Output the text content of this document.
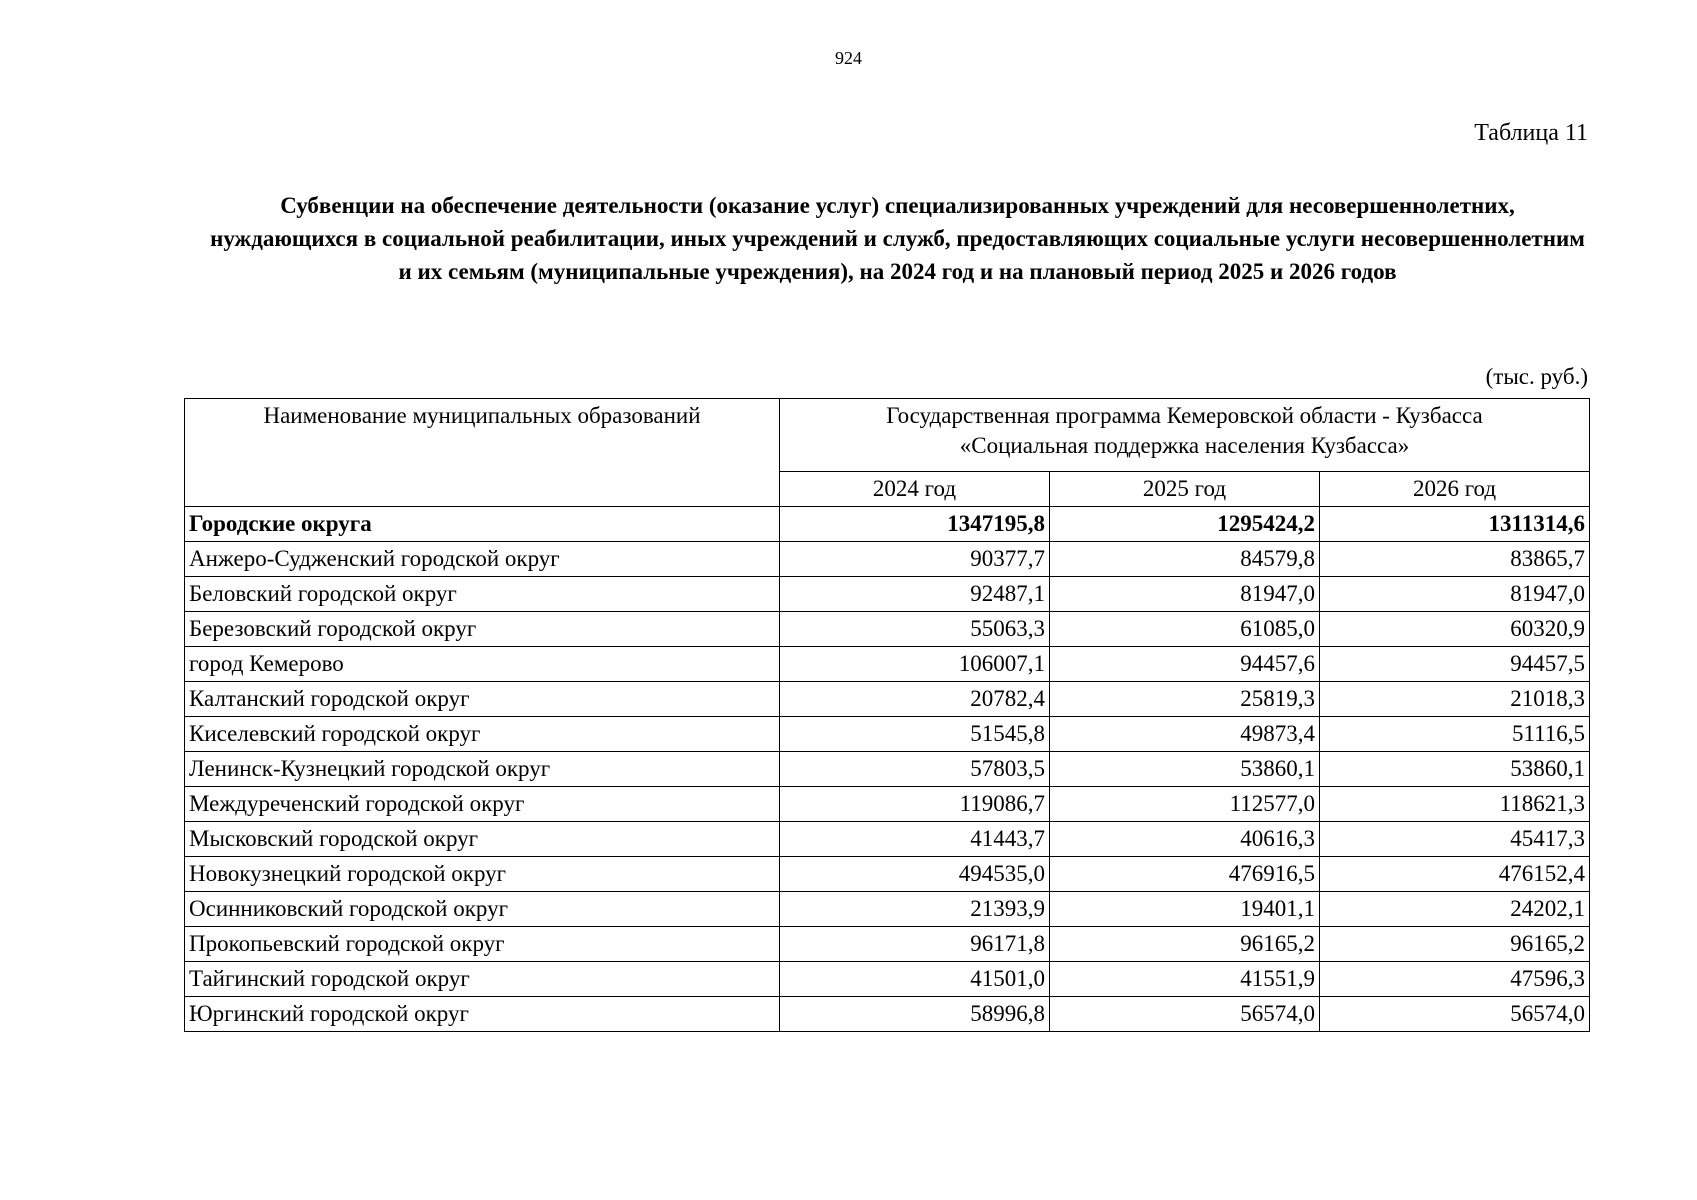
924
Таблица 11
Субвенции на обеспечение деятельности (оказание услуг) специализированных учреждений для несовершеннолетних, нуждающихся в социальной реабилитации, иных учреждений и служб, предоставляющих социальные услуги несовершеннолетним и их семьям (муниципальные учреждения), на 2024 год и на плановый период 2025 и 2026 годов
(тыс. руб.)
Наименование муниципальных образований	Государственная программа Кемеровской области - Кузбасса
«Социальная поддержка населения Кузбасса»		

	2024 год	2025 год	2026 год
Городские округа	1347195,8	1295424,2	1311314,6
Анжеро-Судженский городской округ	90377,7	84579,8	83865,7
Беловский городской округ	92487,1	81947,0	81947,0
Березовский городской округ	55063,3	61085,0	60320,9
город Кемерово	106007,1	94457,6	94457,5
Калтанский городской округ	20782,4	25819,3	21018,3
Киселевский городской округ	51545,8	49873,4	51116,5
Ленинск-Кузнецкий городской округ	57803,5	53860,1	53860,1
Междуреченский городской округ	119086,7	112577,0	118621,3
Мысковский городской округ	41443,7	40616,3	45417,3
Новокузнецкий городской округ	494535,0	476916,5	476152,4
Осинниковский городской округ	21393,9	19401,1	24202,1
Прокопьевский городской округ	96171,8	96165,2	96165,2
Тайгинский городской округ	41501,0	41551,9	47596,3
Юргинский городской округ	58996,8	56574,0	56574,0
